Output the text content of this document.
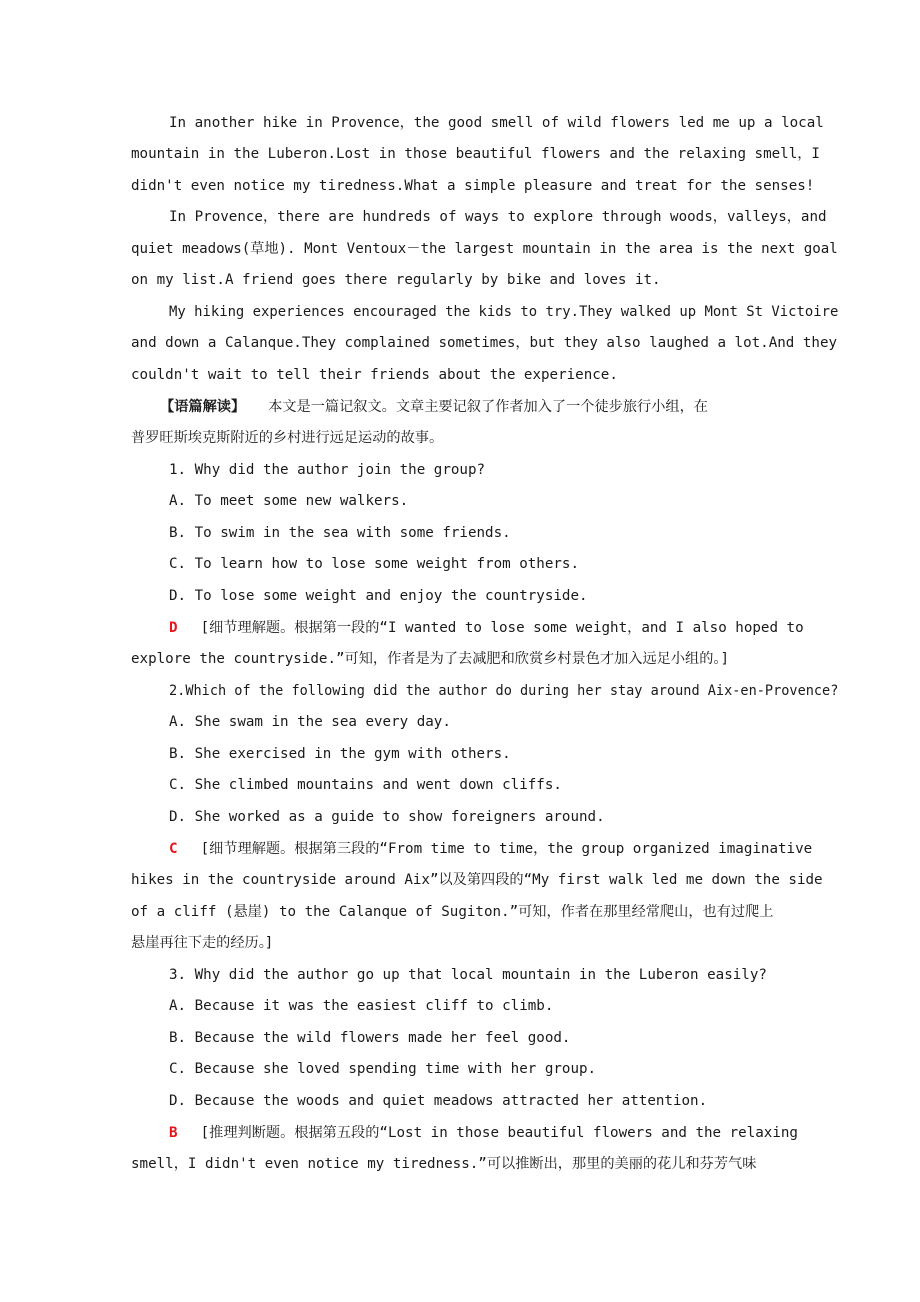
In another hike in Provence，the good smell of wild flowers led me up a local
mountain in the Luberon.Lost in those beautiful flowers and the relaxing smell，I
didn't even notice my tiredness.What a simple pleasure and treat for the senses!
In Provence，there are hundreds of ways to explore through woods，valleys，and
quiet meadows(草地). Mont Ventoux－the largest mountain in the area is the next goal
on my list.A friend goes there regularly by bike and loves it.
My hiking experiences encouraged the kids to try.They walked up Mont St Victoire
and down a Calanque.They complained sometimes，but they also laughed a lot.And they
couldn't wait to tell their friends about the experience.
【语篇解读】 本文是一篇记叙文。文章主要记叙了作者加入了一个徒步旅行小组，在
普罗旺斯埃克斯附近的乡村进行远足运动的故事。
1. Why did the author join the group?
A. To meet some new walkers.
B. To swim in the sea with some friends.
C. To learn how to lose some weight from others.
D. To lose some weight and enjoy the countryside.
D [细节理解题。根据第一段的“I wanted to lose some weight，and I also hoped to
explore the countryside.”可知，作者是为了去减肥和欣赏乡村景色才加入远足小组的。]
2.Which of the following did the author do during her stay around Aix-en-Provence?
A. She swam in the sea every day.
B. She exercised in the gym with others.
C. She climbed mountains and went down cliffs.
D. She worked as a guide to show foreigners around.
C [细节理解题。根据第三段的“From time to time，the group organized imaginative
hikes in the countryside around Aix”以及第四段的“My first walk led me down the side
of a cliff (悬崖) to the Calanque of Sugiton.”可知，作者在那里经常爬山，也有过爬上
悬崖再往下走的经历。]
3. Why did the author go up that local mountain in the Luberon easily?
A. Because it was the easiest cliff to climb.
B. Because the wild flowers made her feel good.
C. Because she loved spending time with her group.
D. Because the woods and quiet meadows attracted her attention.
B [推理判断题。根据第五段的“Lost in those beautiful flowers and the relaxing
smell，I didn't even notice my tiredness.”可以推断出，那里的美丽的花儿和芬芳气味
